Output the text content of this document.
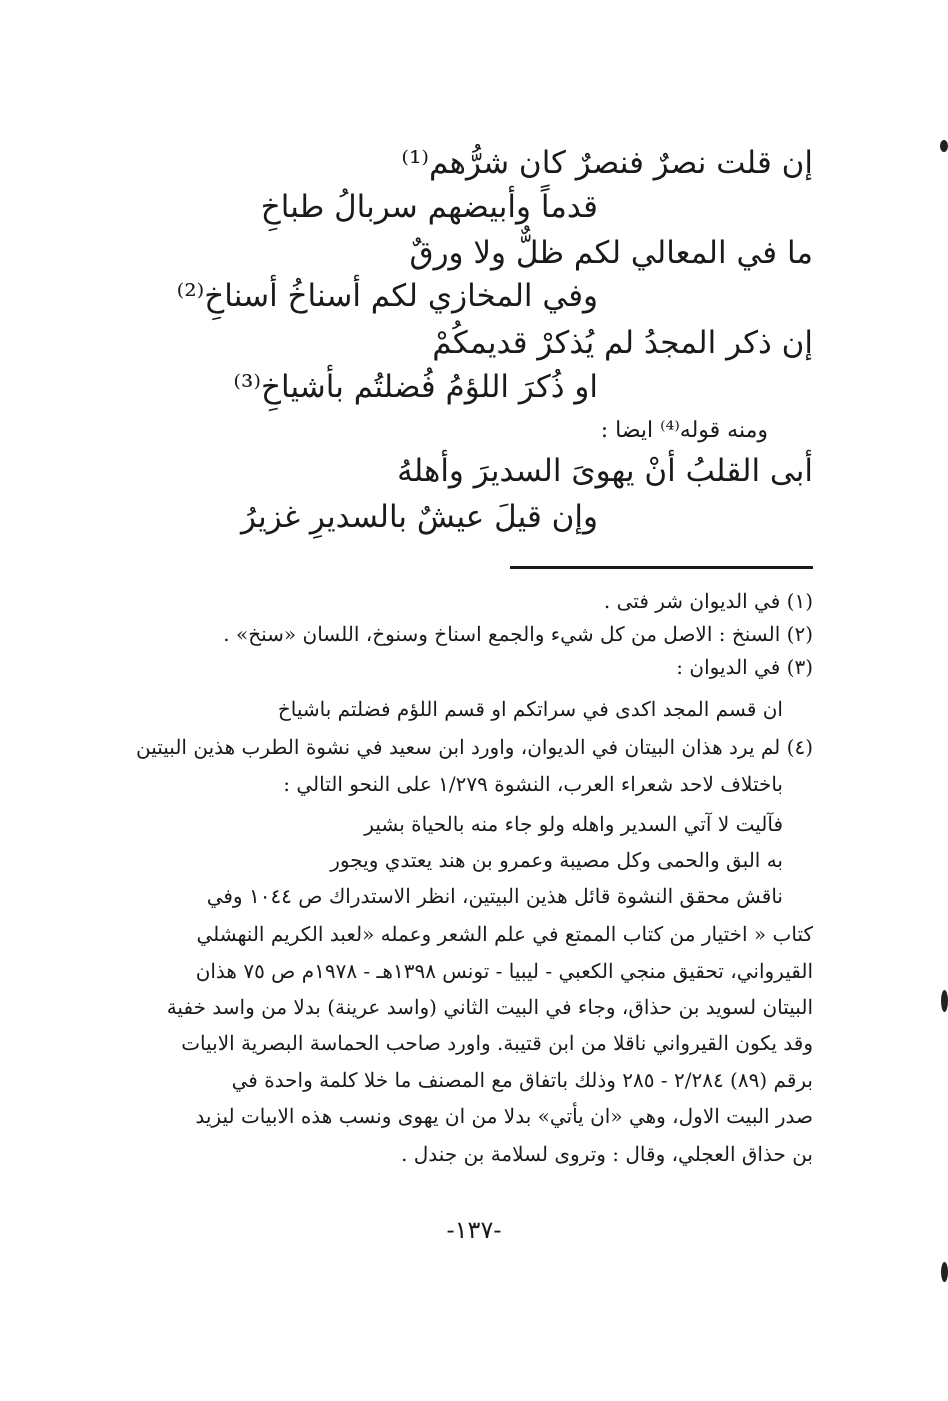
إن قلت نصرٌ فنصرٌ كان شرُّهم⁽¹⁾
قدماً وأبيضهم سربالُ طباخِ
ما في المعالي لكم ظلٌّ ولا ورقٌ
وفي المخازي لكم أسناخُ أسناخِ⁽²⁾
إن ذكر المجدُ لم يُذكرْ قديمكُمْ
او ذُكرَ اللؤمُ فُضلتُم بأشياخِ⁽³⁾
ومنه قوله⁽⁴⁾ ايضا :
أبى القلبُ أنْ يهوىَ السديرَ وأهلهُ
وإن قيلَ عيشٌ بالسديرِ غزيرُ
(١) في الديوان شر فتى .
(٢) السنخ : الاصل من كل شيء والجمع اسناخ وسنوخ، اللسان «سنخ» .
(٣) في الديوان :
ان قسم المجد اكدى في سراتكم او قسم اللؤم فضلتم باشياخ
(٤) لم يرد هذان البيتان في الديوان، واورد ابن سعيد في نشوة الطرب هذين البيتين
باختلاف لاحد شعراء العرب، النشوة ١/٢٧٩ على النحو التالي :
فآليت لا آتي السدير واهله ولو جاء منه بالحياة بشير
به البق والحمى وكل مصيبة وعمرو بن هند يعتدي ويجور
ناقش محقق النشوة قائل هذين البيتين، انظر الاستدراك ص ١٠٤٤ وفي
كتاب « اختيار من كتاب الممتع في علم الشعر وعمله «لعبد الكريم النهشلي
القيرواني، تحقيق منجي الكعبي - ليبيا - تونس ١٣٩٨هـ - ١٩٧٨م ص ٧٥ هذان
البيتان لسويد بن حذاق، وجاء في البيت الثاني (واسد عرينة) بدلا من واسد خفية
وقد يكون القيرواني ناقلا من ابن قتيبة. واورد صاحب الحماسة البصرية الابيات
برقم (٨٩) ٢/٢٨٤ - ٢٨٥ وذلك باتفاق مع المصنف ما خلا كلمة واحدة في
صدر البيت الاول، وهي «ان يأتي» بدلا من ان يهوى ونسب هذه الابيات ليزيد
بن حذاق العجلي، وقال : وتروى لسلامة بن جندل .
-١٣٧-
